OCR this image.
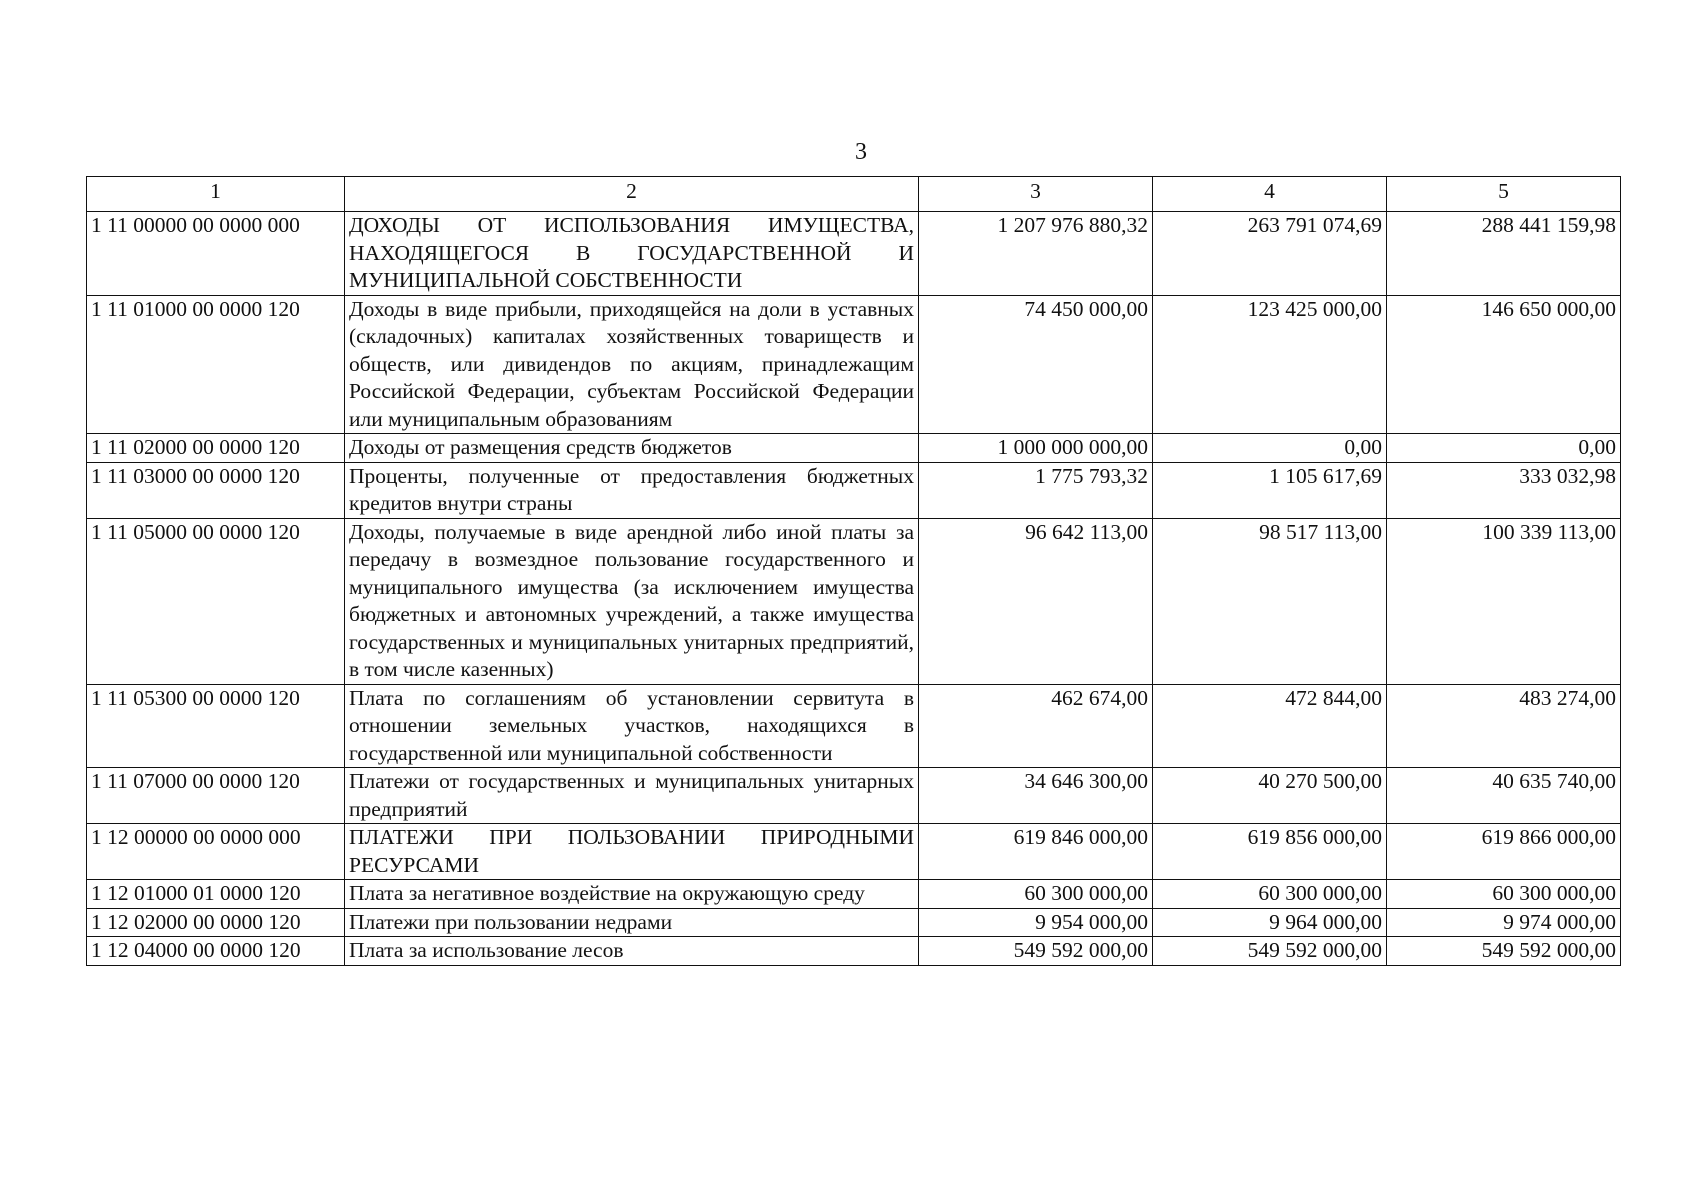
3
1	2	3	4	5
1 11 00000 00 0000 000	ДОХОДЫ ОТ ИСПОЛЬЗОВАНИЯ ИМУЩЕСТВА, НАХОДЯЩЕГОСЯ В ГОСУДАРСТВЕННОЙ И МУНИЦИПАЛЬНОЙ СОБСТВЕННОСТИ	1 207 976 880,32	263 791 074,69	288 441 159,98
1 11 01000 00 0000 120	Доходы в виде прибыли, приходящейся на доли в уставных (складочных) капиталах хозяйственных товариществ и обществ, или дивидендов по акциям, принадлежащим Российской Федерации, субъектам Российской Федерации или муниципальным образованиям	74 450 000,00	123 425 000,00	146 650 000,00
1 11 02000 00 0000 120	Доходы от размещения средств бюджетов	1 000 000 000,00	0,00	0,00
1 11 03000 00 0000 120	Проценты, полученные от предоставления бюджетных кредитов внутри страны	1 775 793,32	1 105 617,69	333 032,98
1 11 05000 00 0000 120	Доходы, получаемые в виде арендной либо иной платы за передачу в возмездное пользование государственного и муниципального имущества (за исключением имущества бюджетных и автономных учреждений, а также имущества государственных и муниципальных унитарных предприятий, в том числе казенных)	96 642 113,00	98 517 113,00	100 339 113,00
1 11 05300 00 0000 120	Плата по соглашениям об установлении сервитута в отношении земельных участков, находящихся в государственной или муниципальной собственности	462 674,00	472 844,00	483 274,00
1 11 07000 00 0000 120	Платежи от государственных и муниципальных унитарных предприятий	34 646 300,00	40 270 500,00	40 635 740,00
1 12 00000 00 0000 000	ПЛАТЕЖИ ПРИ ПОЛЬЗОВАНИИ ПРИРОДНЫМИ РЕСУРСАМИ	619 846 000,00	619 856 000,00	619 866 000,00
1 12 01000 01 0000 120	Плата за негативное воздействие на окружающую среду	60 300 000,00	60 300 000,00	60 300 000,00
1 12 02000 00 0000 120	Платежи при пользовании недрами	9 954 000,00	9 964 000,00	9 974 000,00
1 12 04000 00 0000 120	Плата за использование лесов	549 592 000,00	549 592 000,00	549 592 000,00
